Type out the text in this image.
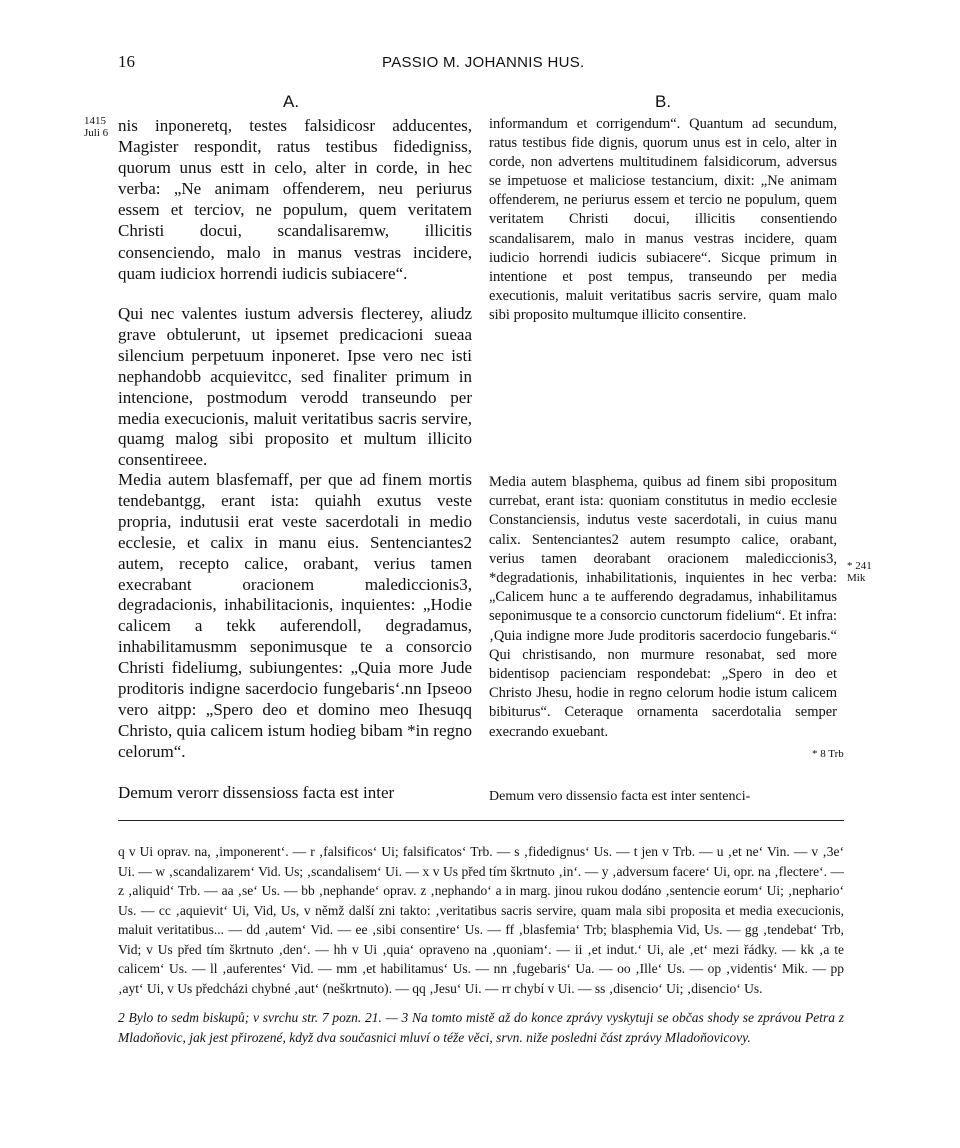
16	PASSIO M. JOHANNIS HUS.
A.	B.
1415 Juli 6
* 241 Mik
* 8 Trb

nis inponeretq, testes falsidicosr adducentes, Magister respondit, ratus testibus fidedigniss, quorum unus estt in celo, alter in corde, in hec verba: „Ne animam offenderem, neu periurus essem et terciov, ne populum, quem veritatem Christi docui, scandalisaremw, illicitis consenciendo, malo in manus vestras incidere, quam iudiciox horrendi iudicis subiacere“.

Qui nec valentes iustum adversis flecterey, aliudz grave obtulerunt, ut ipsemet predicacioni sueaa silencium perpetuum inponeret. Ipse vero nec isti nephandobb acquievitcc, sed finaliter primum in intencione, postmodum verodd transeundo per media execucionis, maluit veritatibus sacris servire, quamg malog sibi proposito et multum illicito consentireee.

Media autem blasfemaff, per que ad finem mortis tendebantgg, erant ista: quiahh exutus veste propria, indutusii erat veste sacerdotali in medio ecclesie, et calix in manu eius. Sentenciantes2 autem, recepto calice, orabant, verius tamen execrabant oracionem malediccionis3, degradacionis, inhabilitacionis, inquientes: „Hodie calicem a tekk auferendoll, degradamus, inhabilitamusmm seponimusque te a consorcio Christi fideliumg, subiungentes: „Quia more Jude proditoris indigne sacerdocio fungebaris‘.nn Ipseoo vero aitpp: „Spero deo et domino meo Ihesuqq Christo, quia calicem istum hodieg bibam *in regno celorum“.

Demum verorr dissensioss facta est inter

informandum et corrigendum“. Quantum ad secundum, ratus testibus fide dignis, quorum unus est in celo, alter in corde, non advertens multitudinem falsidicorum, adversus se impetuose et maliciose testancium, dixit: „Ne animam offenderem, ne periurus essem et tercio ne populum, quem veritatem Christi docui, illicitis consentiendo scandalisarem, malo in manus vestras incidere, quam iudicio horrendi iudicis subiacere“. Sicque primum in intentione et post tempus, transeundo per media executionis, maluit veritatibus sacris servire, quam malo sibi proposito multumque illicito consentire.

Media autem blasphema, quibus ad finem sibi propositum currebat, erant ista: quoniam constitutus in medio ecclesie Constanciensis, indutus veste sacerdotali, in cuius manu calix. Sentenciantes2 autem resumpto calice, orabant, verius tamen deorabant oracionem malediccionis3, *degradationis, inhabilitationis, inquientes in hec verba: „Calicem hunc a te aufferendo degradamus, inhabilitamus seponimusque te a consorcio cunctorum fidelium“. Et infra: ‚Quia indigne more Jude proditoris sacerdocio fungebaris.“ Qui christisando, non murmure resonabat, sed more bidentisop pacienciam respondebat: „Spero in deo et Christo Jhesu, hodie in regno celorum hodie istum calicem bibiturus“. Ceteraque ornamenta sacerdotalia semper execrando exuebant.

Demum vero dissensio facta est inter sentenci-

q v Ui oprav. na, ‚imponerent‘. — r ‚falsificos‘ Ui; falsificatos‘ Trb. — s ‚fidedignus‘ Us. — t jen v Trb. — u ‚et ne‘ Vin. — v ‚3e‘ Ui. — w ‚scandalizarem‘ Vid. Us; ‚scandalisem‘ Ui. — x v Us před tím škrtnuto ‚in‘. — y ‚adversum facere‘ Ui, opr. na ‚flectere‘. — z ‚aliquid‘ Trb. — aa ‚se‘ Us. — bb ‚nephande‘ oprav. z ‚nephando‘ a in marg. jinou rukou dodáno ‚sentencie eorum‘ Ui; ‚nephario‘ Us. — cc ‚aquievit‘ Ui, Vid, Us, v němž další zni takto: ‚veritatibus sacris servire, quam mala sibi proposita et media execucionis, maluit veritatibus... — dd ‚autem‘ Vid. — ee ‚sibi consentire‘ Us. — ff ‚blasfemia‘ Trb; blasphemia Vid, Us. — gg ‚tendebat‘ Trb, Vid; v Us před tím škrtnuto ‚den‘. — hh v Ui ‚quia‘ opraveno na ‚quoniam‘. — ii ‚et indut.‘ Ui, ale ‚et‘ mezi řádky. — kk ‚a te calicem‘ Us. — ll ‚auferentes‘ Vid. — mm ‚et habilitamus‘ Us. — nn ‚fugebaris‘ Ua. — oo ‚Ille‘ Us. — op ‚videntis‘ Mik. — pp ‚ayt‘ Ui, v Us předcházi chybné ‚aut‘ (neškrtnuto). — qq ‚Jesu‘ Ui. — rr chybí v Ui. — ss ‚disencio‘ Ui; ‚disencio‘ Us.

2 Bylo to sedm biskupů; v svrchu str. 7 pozn. 21. — 3 Na tomto mistě až do konce zprávy vyskytuji se občas shody se zprávou Petra z Mladoňovic, jak jest přirozené, když dva současnici mluví o téže věci, srvn. niže posledni část zprávy Mladoňovicovy.
